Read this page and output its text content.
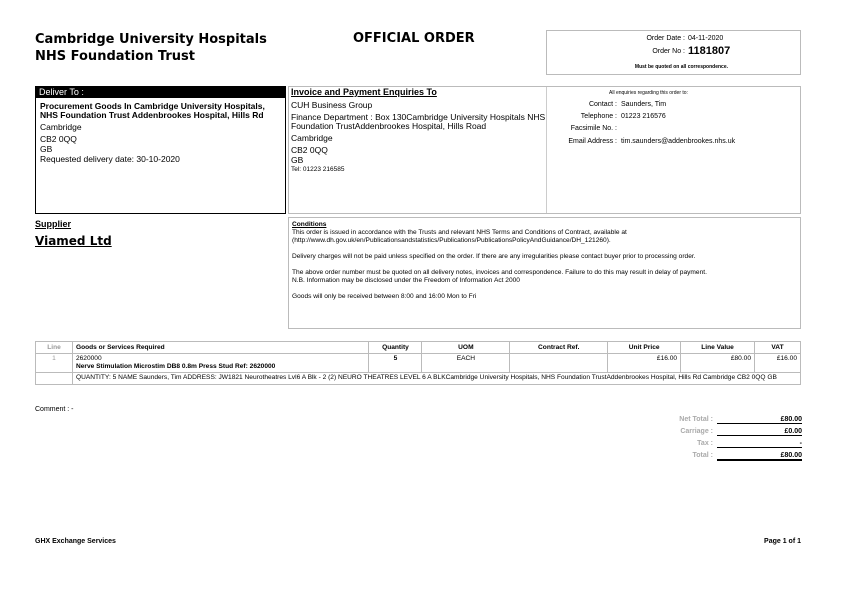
Cambridge University Hospitals
NHS Foundation Trust
OFFICIAL ORDER	Order Date : 04-11-2020
Order No : 1181807
Must be quoted on all correspondence.
Deliver To :
Procurement Goods In Cambridge University Hospitals, NHS Foundation Trust Addenbrookes Hospital, Hills Rd
Cambridge
CB2 0QQ
GB
Requested delivery date: 30-10-2020
Invoice and Payment Enquiries To
CUH Business Group
Finance Department : Box 130Cambridge University Hospitals NHS Foundation TrustAddenbrookes Hospital, Hills Road
Cambridge
CB2 0QQ
GB
Tel: 01223 216585
All enquiries regarding this order to:
Contact : Saunders, Tim
Telephone : 01223 216576
Facsimile No. :
Email Address : tim.saunders@addenbrookes.nhs.uk
Supplier
Viamed Ltd
Conditions

This order is issued in accordance with the Trusts and relevant NHS Terms and Conditions of Contract, available at (http://www.dh.gov.uk/en/Publicationsandstatistics/Publications/PublicationsPolicyAndGuidance/DH_121260).

Delivery charges will not be paid unless specified on the order. If there are any irregularities please contact buyer prior to processing order.

The above order number must be quoted on all delivery notes, invoices and correspondence. Failure to do this may result in delay of payment.
N.B. Information may be disclosed under the Freedom of Information Act 2000

Goods will only be received between 8:00 and 16:00 Mon to Fri

Line	Goods or Services Required	Quantity	UOM	Contract Ref.	Unit Price	Line Value	VAT
1	2620000
Nerve Stimulation Microstim DB8 0.8m Press Stud Ref: 2620000	5	EACH		£16.00	£80.00	£16.00
	QUANTITY: 5 NAME Saunders, Tim ADDRESS: JW1821 Neurotheatres Lvl6 A Blk - 2 (2) NEURO THEATRES LEVEL 6 A BLKCambridge University Hospitals, NHS Foundation TrustAddenbrookes Hospital, Hills Rd Cambridge CB2 0QQ GB						
Comment : -
Net Total :	£80.00
Carriage :	£0.00
Tax :	-
Total :	£80.00
GHX Exchange Services	Page 1 of 1
